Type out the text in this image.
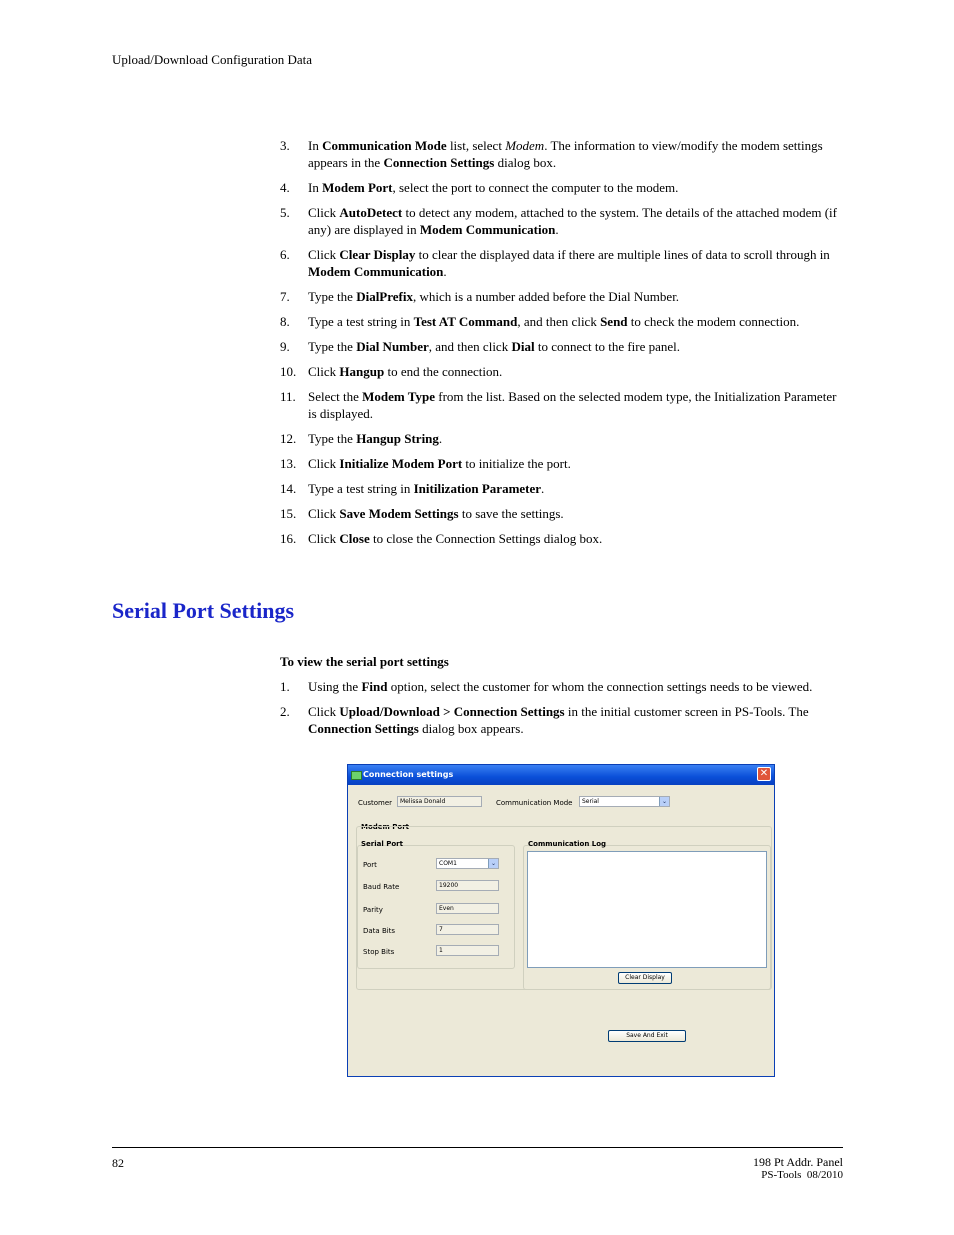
Upload/Download Configuration Data

3. In Communication Mode list, select Modem. The information to view/modify the modem settings appears in the Connection Settings dialog box.

4. In Modem Port, select the port to connect the computer to the modem.

5. Click AutoDetect to detect any modem, attached to the system. The details of the attached modem (if any) are displayed in Modem Communication.

6. Click Clear Display to clear the displayed data if there are multiple lines of data to scroll through in Modem Communication.

7. Type the DialPrefix, which is a number added before the Dial Number.

8. Type a test string in Test AT Command, and then click Send to check the modem connection.

9. Type the Dial Number, and then click Dial to connect to the fire panel.

10. Click Hangup to end the connection.

11. Select the Modem Type from the list. Based on the selected modem type, the Initialization Parameter is displayed.

12. Type the Hangup String.

13. Click Initialize Modem Port to initialize the port.

14. Type a test string in Initilization Parameter.

15. Click Save Modem Settings to save the settings.

16. Click Close to close the Connection Settings dialog box.

Serial Port Settings
To view the serial port settings

1. Using the Find option, select the customer for whom the connection settings needs to be viewed.

2. Click Upload/Download > Connection Settings in the initial customer screen in PS-Tools. The Connection Settings dialog box appears.

Connection settings	✕
Customer	Melissa Donald	Communication Mode	Serial	⌄
Modem Port
Serial Port
Port	COM1	⌄
Baud Rate	19200
Parity	Even
Data Bits	7
Stop Bits	1
Communication Log
Clear Display
Save And Exit
82	198 Pt Addr. Panel
PS-Tools  08/2010
